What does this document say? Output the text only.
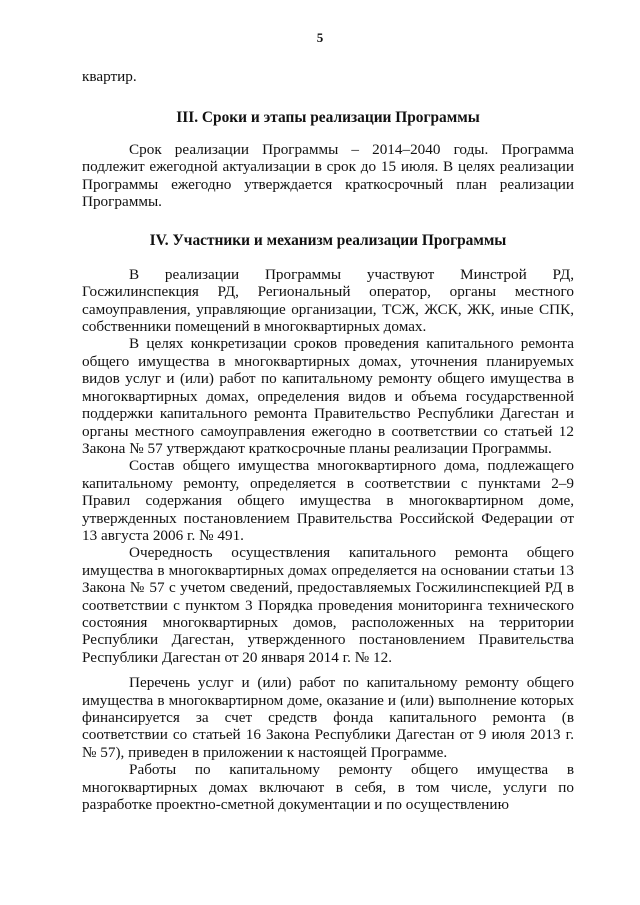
5

квартир.

III. Сроки и этапы реализации Программы

Срок реализации Программы – 2014–2040 годы. Программа подлежит ежегодной актуализации в срок до 15 июля. В целях реализации Программы ежегодно утверждается краткосрочный план реализации Программы.

IV. Участники и механизм реализации Программы

В реализации Программы участвуют Минстрой РД, Госжилинспекция РД, Региональный оператор, органы местного самоуправления, управляющие организации, ТСЖ, ЖСК, ЖК, иные СПК, собственники помещений в многоквартирных домах.

В целях конкретизации сроков проведения капитального ремонта общего имущества в многоквартирных домах, уточнения планируемых видов услуг и (или) работ по капитальному ремонту общего имущества в многоквартирных домах, определения видов и объема государственной поддержки капитального ремонта Правительство Республики Дагестан и органы местного самоуправления ежегодно в соответствии со статьей 12 Закона № 57 утверждают краткосрочные планы реализации Программы.

Состав общего имущества многоквартирного дома, подлежащего капитальному ремонту, определяется в соответствии с пунктами 2–9 Правил содержания общего имущества в многоквартирном доме, утвержденных постановлением Правительства Российской Федерации от 13 августа 2006 г. № 491.

Очередность осуществления капитального ремонта общего имущества в многоквартирных домах определяется на основании статьи 13 Закона № 57 с учетом сведений, предоставляемых Госжилинспекцией РД в соответствии с пунктом 3 Порядка проведения мониторинга технического состояния многоквартирных домов, расположенных на территории Республики Дагестан, утвержденного постановлением Правительства Республики Дагестан от 20 января 2014 г. № 12.

Перечень услуг и (или) работ по капитальному ремонту общего имущества в многоквартирном доме, оказание и (или) выполнение которых финансируется за счет средств фонда капитального ремонта (в соответствии со статьей 16 Закона Республики Дагестан от 9 июля 2013 г. № 57), приведен в приложении к настоящей Программе.

Работы по капитальному ремонту общего имущества в многоквартирных домах включают в себя, в том числе, услуги по разработке проектно-сметной документации и по осуществлению
